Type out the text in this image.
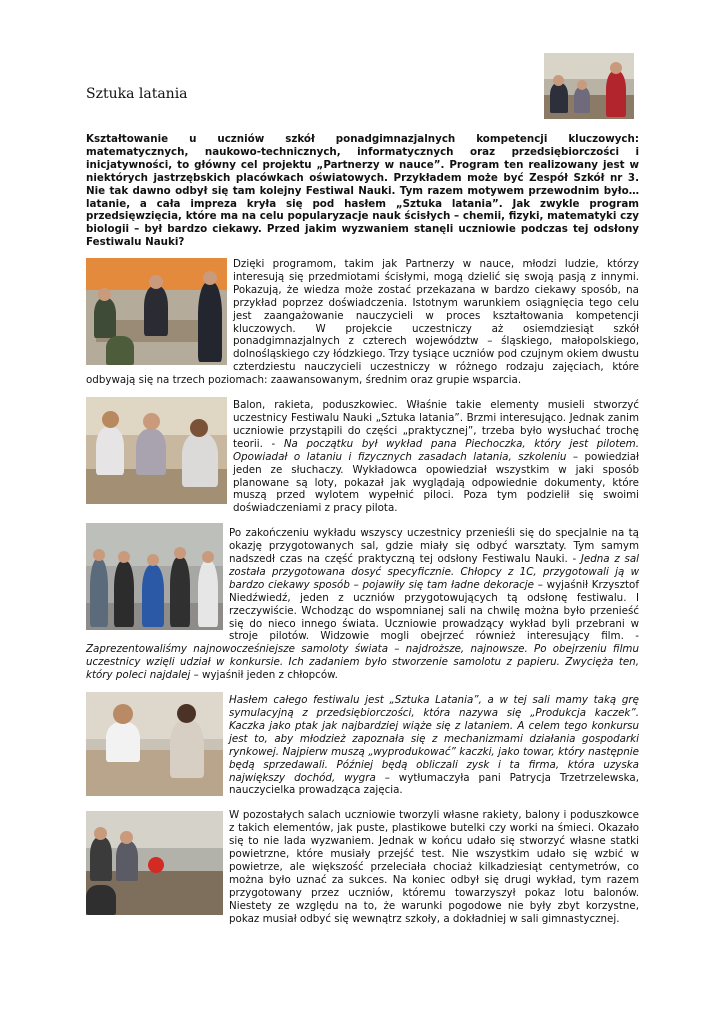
Sztuka latania
Kształtowanie u uczniów szkół ponadgimnazjalnych kompetencji kluczowych: matematycznych, naukowo-technicznych, informatycznych oraz przedsiębiorczości i inicjatywności, to główny cel projektu „Partnerzy w nauce”. Program ten realizowany jest w niektórych jastrzębskich placówkach oświatowych. Przykładem może być Zespół Szkół nr 3. Nie tak dawno odbył się tam kolejny Festiwal Nauki. Tym razem motywem przewodnim było… latanie, a cała impreza kryła się pod hasłem „Sztuka latania”. Jak zwykle program przedsięwzięcia, które ma na celu popularyzacje nauk ścisłych – chemii, fizyki, matematyki czy biologii – był bardzo ciekawy. Przed jakim wyzwaniem stanęli uczniowie podczas tej odsłony Festiwalu Nauki?

Dzięki programom, takim jak Partnerzy w nauce, młodzi ludzie, którzy interesują się przedmiotami ścisłymi, mogą dzielić się swoją pasją z innymi. Pokazują, że wiedza może zostać przekazana w bardzo ciekawy sposób, na przykład poprzez doświadczenia. Istotnym warunkiem osiągnięcia tego celu jest zaangażowanie nauczycieli w proces kształtowania kompetencji kluczowych. W projekcie uczestniczy aż osiemdziesiąt szkół ponadgimnazjalnych z czterech województw – śląskiego, małopolskiego, dolnośląskiego czy łódzkiego. Trzy tysiące uczniów pod czujnym okiem dwustu czterdziestu nauczycieli uczestniczy w różnego rodzaju zajęciach, które odbywają się na trzech poziomach: zaawansowanym, średnim oraz grupie wsparcia.

Balon, rakieta, poduszkowiec. Właśnie takie elementy musieli stworzyć uczestnicy Festiwalu Nauki „Sztuka latania”. Brzmi interesująco. Jednak zanim uczniowie przystąpili do części „praktycznej”, trzeba było wysłuchać trochę teorii. - Na początku był wykład pana Piechoczka, który jest pilotem. Opowiadał o lataniu i fizycznych zasadach latania, szkoleniu – powiedział jeden ze słuchaczy. Wykładowca opowiedział wszystkim w jaki sposób planowane są loty, pokazał jak wyglądają odpowiednie dokumenty, które muszą przed wylotem wypełnić piloci. Poza tym podzielił się swoimi doświadczeniami z pracy pilota.

Po zakończeniu wykładu wszyscy uczestnicy przenieśli się do specjalnie na tą okazję przygotowanych sal, gdzie miały się odbyć warsztaty. Tym samym nadszedł czas na część praktyczną tej odsłony Festiwalu Nauki. - Jedna z sal została przygotowana dosyć specyficznie. Chłopcy z 1C, przygotowali ją w bardzo ciekawy sposób – pojawiły się tam ładne dekoracje – wyjaśnił Krzysztof Niedźwiedź, jeden z uczniów przygotowujących tą odsłonę festiwalu. I rzeczywiście. Wchodząc do wspomnianej sali na chwilę można było przenieść się do nieco innego świata. Uczniowie prowadzący wykład byli przebrani w stroje pilotów. Widzowie mogli obejrzeć również interesujący film. - Zaprezentowaliśmy najnowocześniejsze samoloty świata – najdroższe, najnowsze. Po obejrzeniu filmu uczestnicy wzięli udział w konkursie. Ich zadaniem było stworzenie samolotu z papieru. Zwycięża ten, który poleci najdalej – wyjaśnił jeden z chłopców.

Hasłem całego festiwalu jest „Sztuka Latania”, a w tej sali mamy taką grę symulacyjną z przedsiębiorczości, która nazywa się „Produkcja kaczek”. Kaczka jako ptak jak najbardziej wiąże się z lataniem. A celem tego konkursu jest to, aby młodzież zapoznała się z mechanizmami działania gospodarki rynkowej. Najpierw muszą „wyprodukować” kaczki, jako towar, który następnie będą sprzedawali. Później będą obliczali zysk i ta firma, która uzyska największy dochód, wygra – wytłumaczyła pani Patrycja Trzetrzelewska, nauczycielka prowadząca zajęcia.

W pozostałych salach uczniowie tworzyli własne rakiety, balony i poduszkowce z takich elementów, jak puste, plastikowe butelki czy worki na śmieci. Okazało się to nie lada wyzwaniem. Jednak w końcu udało się stworzyć własne statki powietrzne, które musiały przejść test. Nie wszystkim udało się wzbić w powietrze, ale większość przeleciała chociaż kilkadziesiąt centymetrów, co można było uznać za sukces. Na koniec odbył się drugi wykład, tym razem przygotowany przez uczniów, któremu towarzyszył pokaz lotu balonów. Niestety ze względu na to, że warunki pogodowe nie były zbyt korzystne, pokaz musiał odbyć się wewnątrz szkoły, a dokładniej w sali gimnastycznej.
